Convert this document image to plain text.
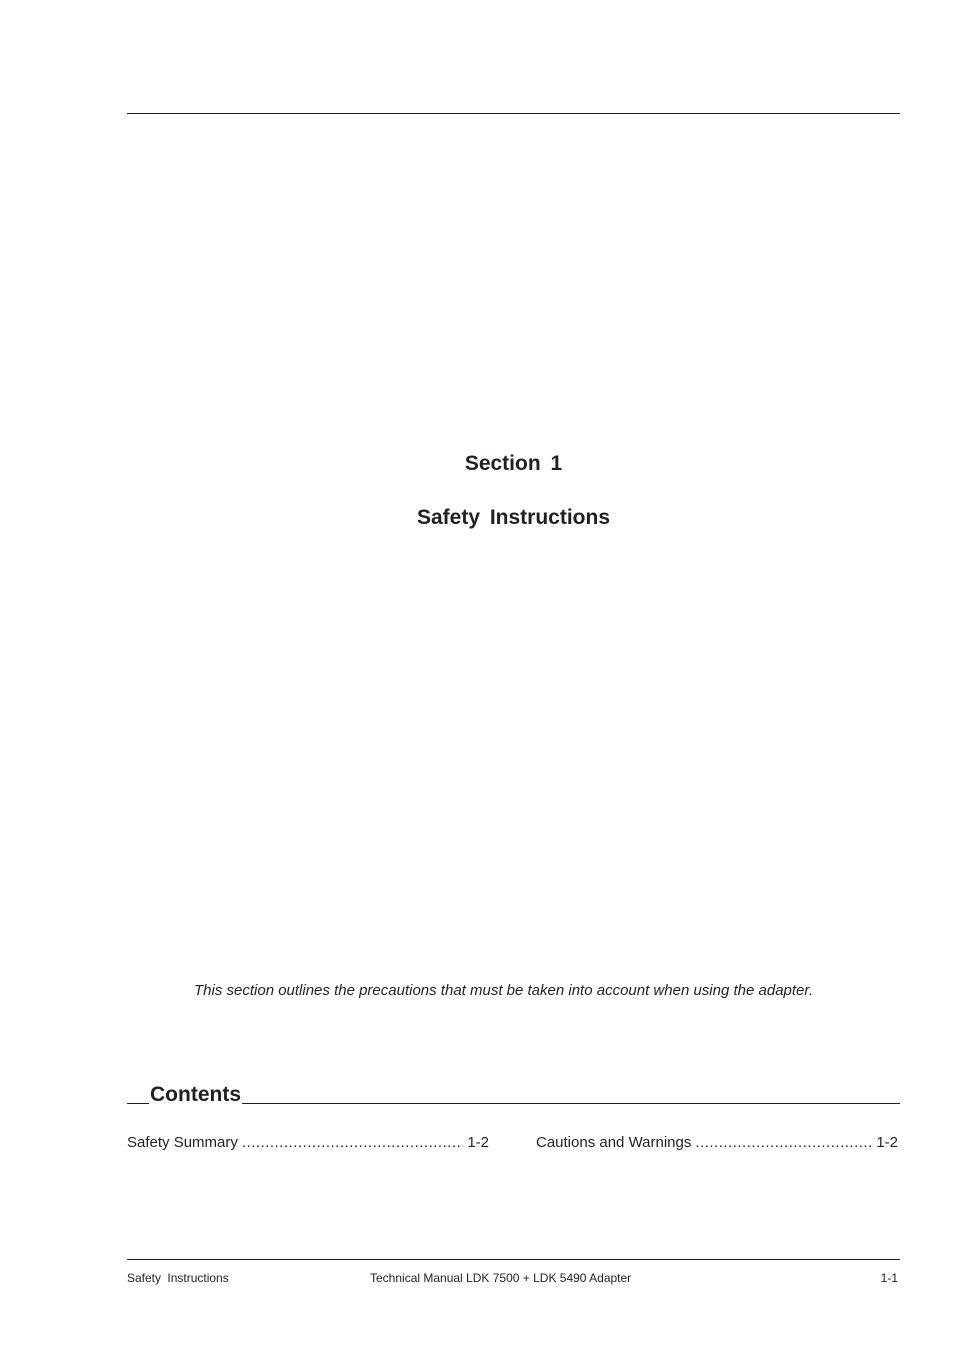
Section 1
Safety Instructions
This section outlines the precautions that must be taken into account when using the adapter.
Contents
Safety Summary .....	1-2	Cautions and Warnings .....	1-2
Safety Instructions	Technical Manual LDK 7500 + LDK 5490 Adapter	1-1
